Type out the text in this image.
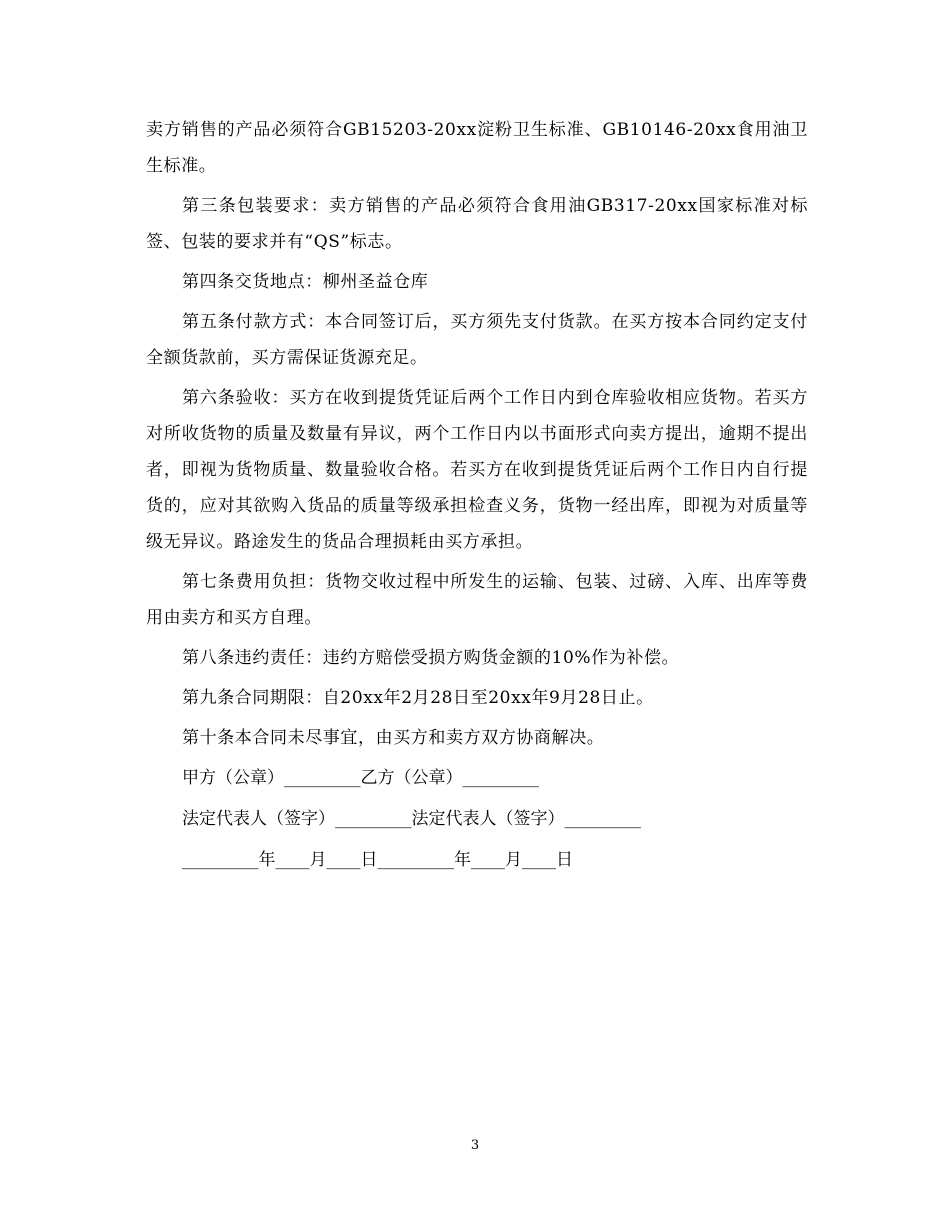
卖方销售的产品必须符合GB15203-20xx淀粉卫生标准、GB10146-20xx食用油卫生标准。

第三条包装要求：卖方销售的产品必须符合食用油GB317-20xx国家标准对标签、包装的要求并有“QS”标志。

第四条交货地点：柳州圣益仓库

第五条付款方式：本合同签订后，买方须先支付货款。在买方按本合同约定支付全额货款前，买方需保证货源充足。

第六条验收：买方在收到提货凭证后两个工作日内到仓库验收相应货物。若买方对所收货物的质量及数量有异议，两个工作日内以书面形式向卖方提出，逾期不提出者，即视为货物质量、数量验收合格。若买方在收到提货凭证后两个工作日内自行提货的，应对其欲购入货品的质量等级承担检查义务，货物一经出库，即视为对质量等级无异议。路途发生的货品合理损耗由买方承担。

第七条费用负担：货物交收过程中所发生的运输、包装、过磅、入库、出库等费用由卖方和买方自理。

第八条违约责任：违约方赔偿受损方购货金额的10%作为补偿。

第九条合同期限：自20xx年2月28日至20xx年9月28日止。

第十条本合同未尽事宜，由买方和卖方双方协商解决。

甲方（公章）_________乙方（公章）_________

法定代表人（签字）_________法定代表人（签字）_________

_________年____月____日_________年____月____日

3
